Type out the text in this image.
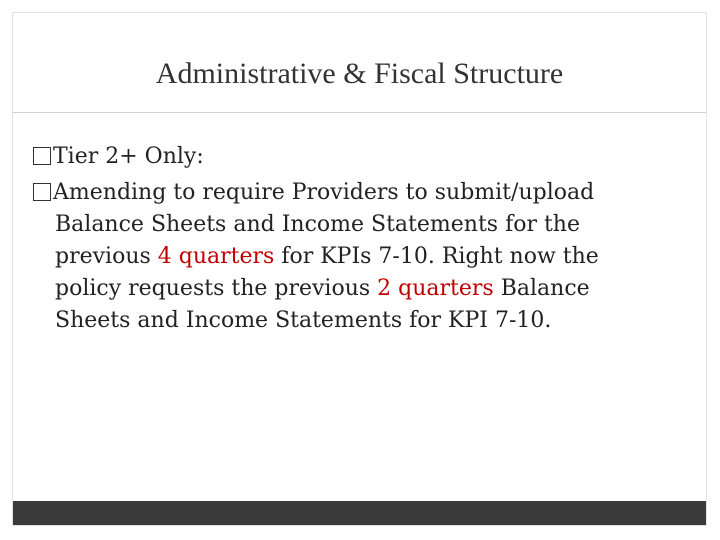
Administrative & Fiscal Structure
Tier 2+ Only:
Amending to require Providers to submit/upload
Balance Sheets and Income Statements for the
previous 4 quarters for KPIs 7-10. Right now the
policy requests the previous 2 quarters Balance
Sheets and Income Statements for KPI 7-10.
